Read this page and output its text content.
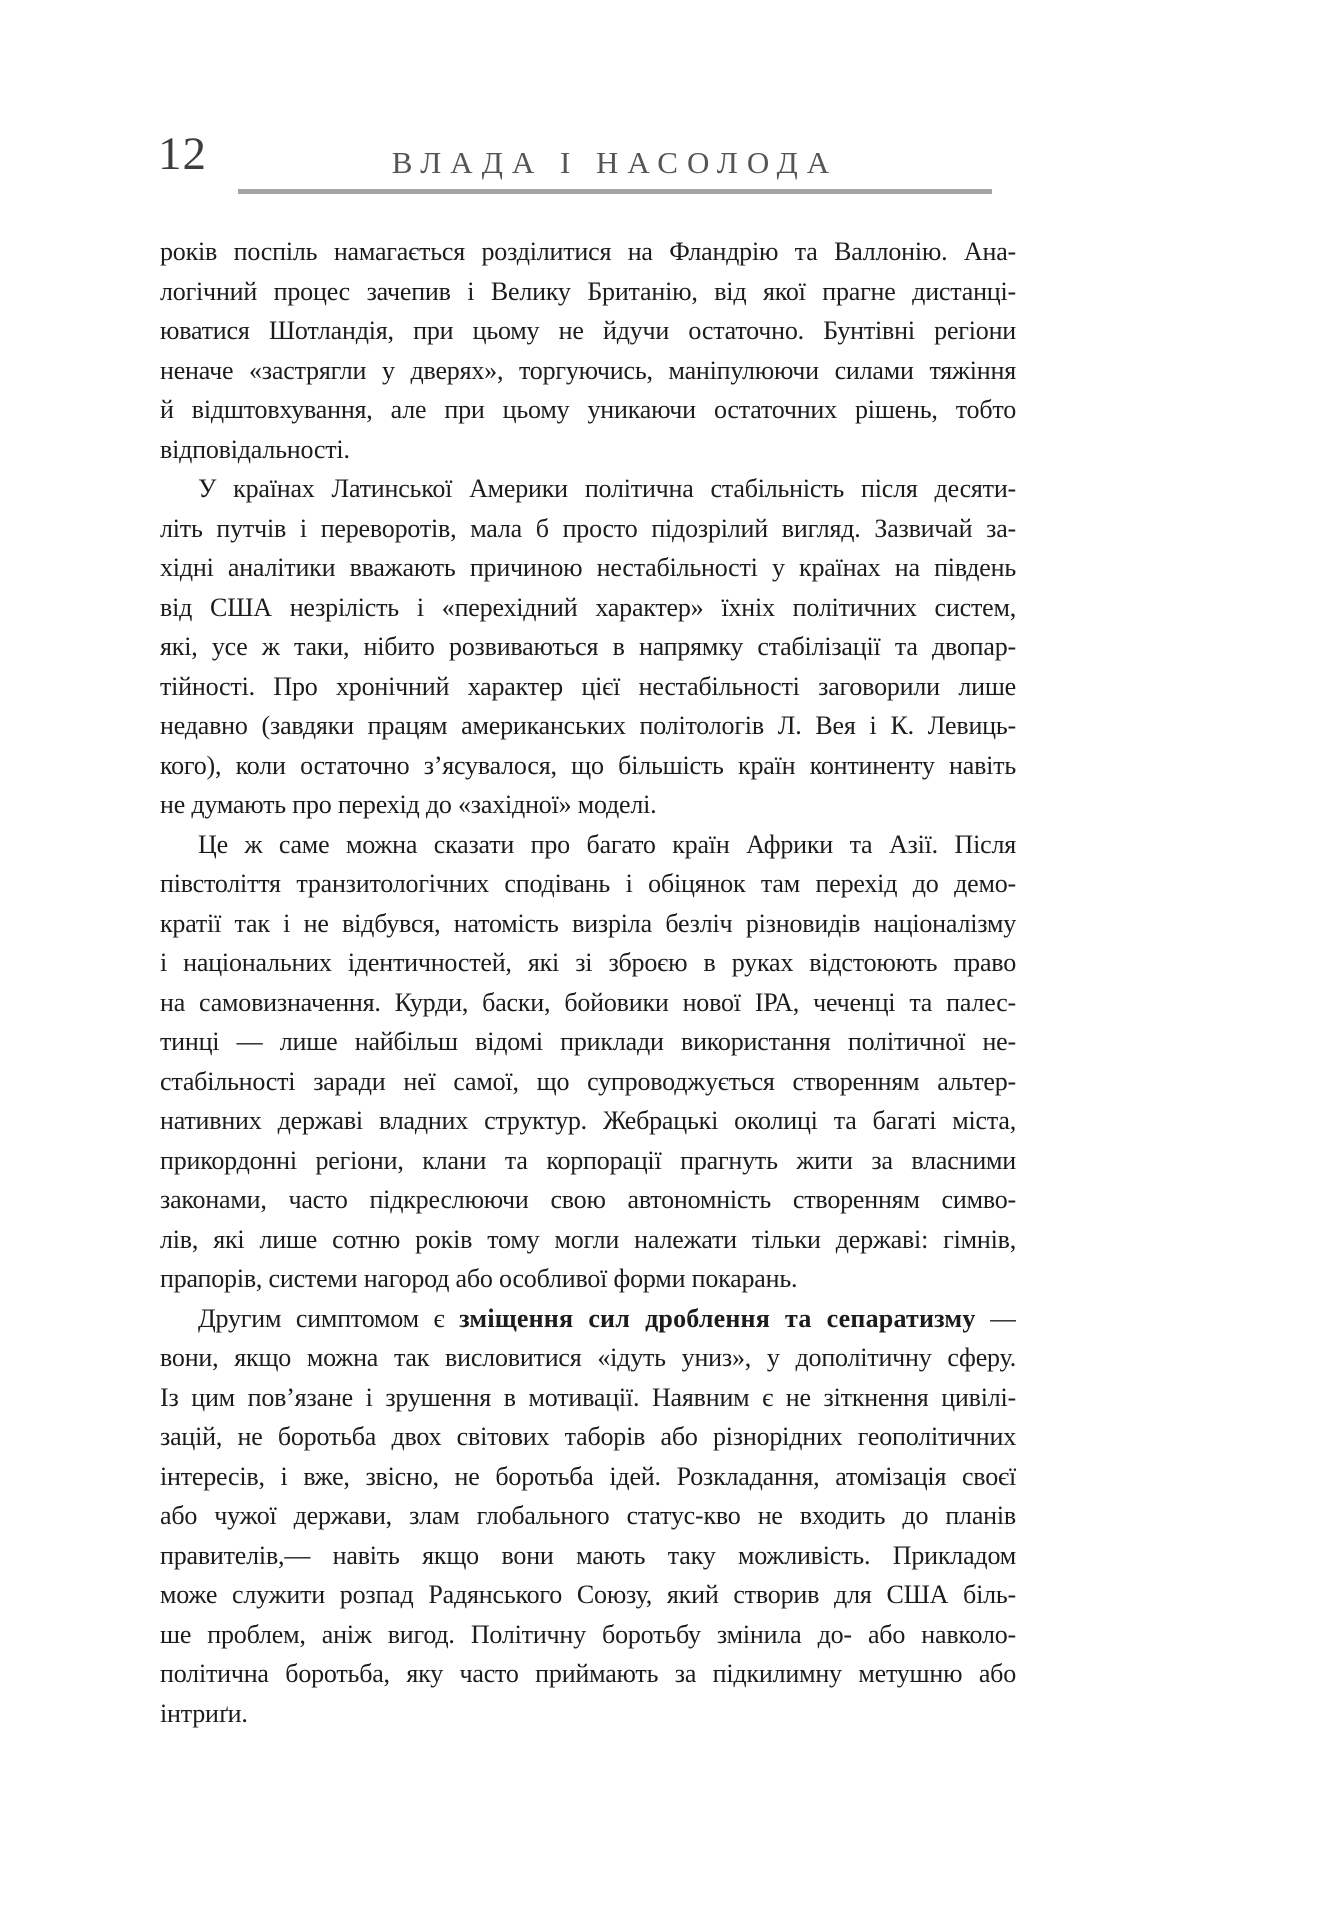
12	ВЛАДА І НАСОЛОДА
років поспіль намагається розділитися на Фландрію та Валлонію. Ана-
логічний процес зачепив і Велику Британію, від якої прагне дистанці-
юватися Шотландія, при цьому не йдучи остаточно. Бунтівні регіони
неначе «застрягли у дверях», торгуючись, маніпулюючи силами тяжіння
й відштовхування, але при цьому уникаючи остаточних рішень, тобто
відповідальності.
У країнах Латинської Америки політична стабільність після десяти-
літь путчів і переворотів, мала б просто підозрілий вигляд. Зазвичай за-
хідні аналітики вважають причиною нестабільності у країнах на південь
від США незрілість і «перехідний характер» їхніх політичних систем,
які, усе ж таки, нібито розвиваються в напрямку стабілізації та двопар-
тійності. Про хронічний характер цієї нестабільності заговорили лише
недавно (завдяки працям американських політологів Л. Вея і К. Левиць-
кого), коли остаточно з’ясувалося, що більшість країн континенту навіть
не думають про перехід до «західної» моделі.
Це ж саме можна сказати про багато країн Африки та Азії. Після
півстоліття транзитологічних сподівань і обіцянок там перехід до демо-
кратії так і не відбувся, натомість визріла безліч різновидів націоналізму
і національних ідентичностей, які зі зброєю в руках відстоюють право
на самовизначення. Курди, баски, бойовики нової ІРА, чеченці та палес-
тинці — лише найбільш відомі приклади використання політичної не-
стабільності заради неї самої, що супроводжується створенням альтер-
нативних державі владних структур. Жебрацькі околиці та багаті міста,
прикордонні регіони, клани та корпорації прагнуть жити за власними
законами, часто підкреслюючи свою автономність створенням симво-
лів, які лише сотню років тому могли належати тільки державі: гімнів,
прапорів, системи нагород або особливої форми покарань.
Другим симптомом є зміщення сил дроблення та сепаратизму —
вони, якщо можна так висловитися «ідуть униз», у дополітичну сферу.
Із цим пов’язане і зрушення в мотивації. Наявним є не зіткнення цивілі-
зацій, не боротьба двох світових таборів або різнорідних геополітичних
інтересів, і вже, звісно, не боротьба ідей. Розкладання, атомізація своєї
або чужої держави, злам глобального статус-кво не входить до планів
правителів,— навіть якщо вони мають таку можливість. Прикладом
може служити розпад Радянського Союзу, який створив для США біль-
ше проблем, аніж вигод. Політичну боротьбу змінила до- або навколо-
політична боротьба, яку часто приймають за підкилимну метушню або
інтриґи.
